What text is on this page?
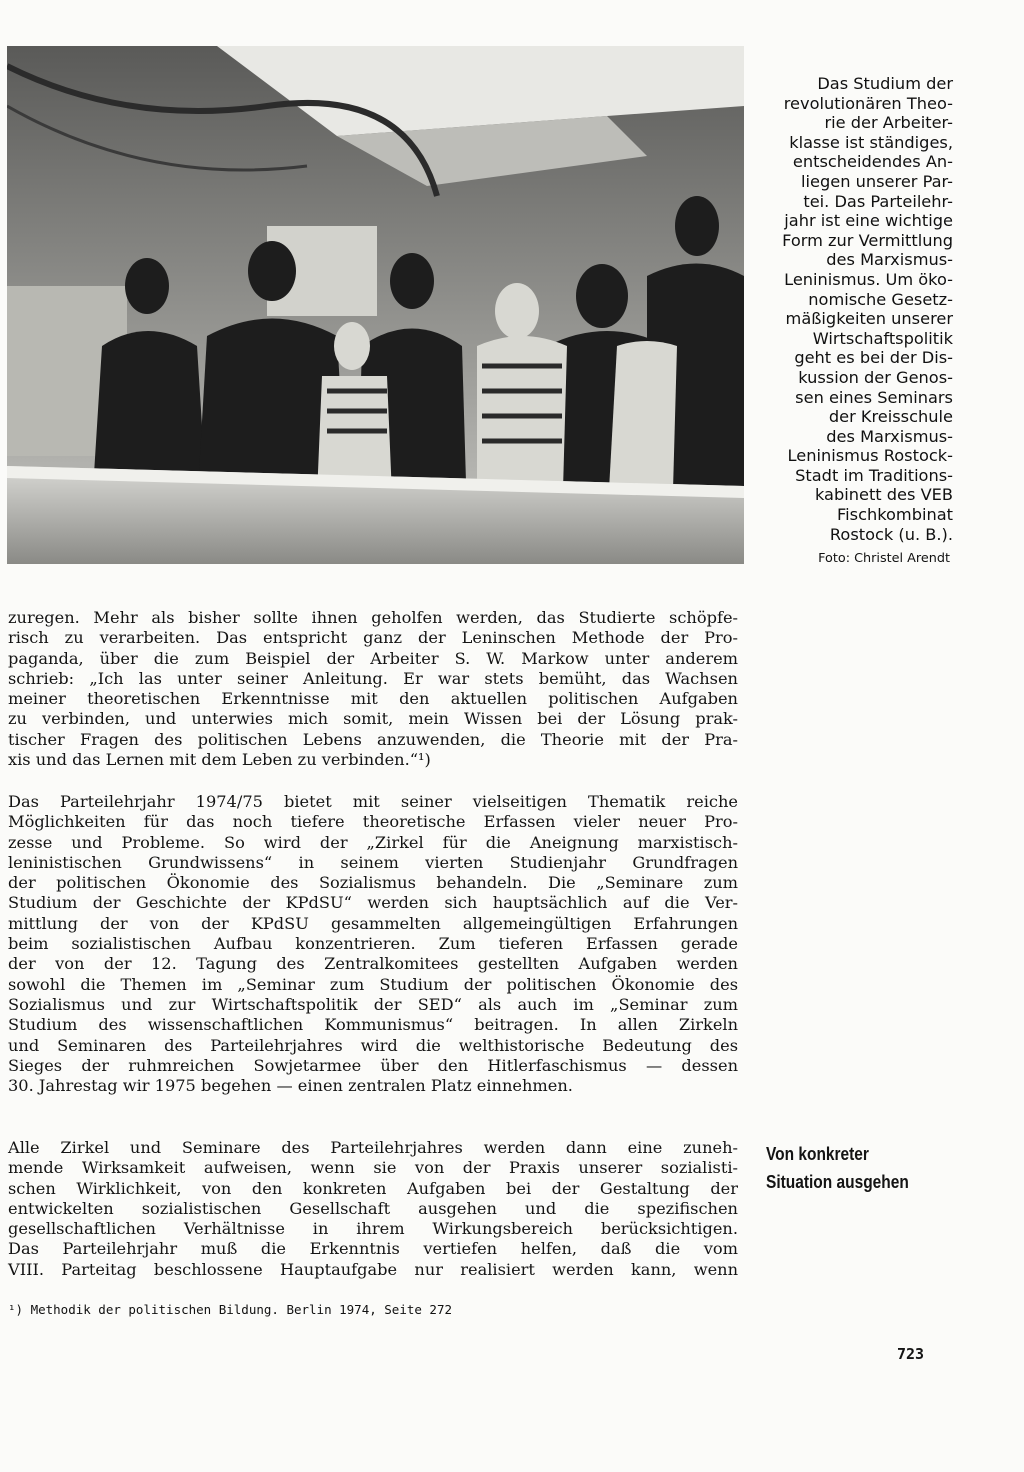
Das Studium der
revolutionären Theo-
rie der Arbeiter-
klasse ist ständiges,
entscheidendes An-
liegen unserer Par-
tei. Das Parteilehr-
jahr ist eine wichtige
Form zur Vermittlung
des Marxismus-
Leninismus. Um öko-
nomische Gesetz-
mäßigkeiten unserer
Wirtschaftspolitik
geht es bei der Dis-
kussion der Genos-
sen eines Seminars
der Kreisschule
des Marxismus-
Leninismus Rostock-
Stadt im Traditions-
kabinett des VEB
Fischkombinat
Rostock (u. B.).
Foto: Christel Arendt
zuregen. Mehr als bisher sollte ihnen geholfen werden, das Studierte schöpfe-
risch zu verarbeiten. Das entspricht ganz der Leninschen Methode der Pro-
paganda, über die zum Beispiel der Arbeiter S. W. Markow unter anderem
schrieb: „Ich las unter seiner Anleitung. Er war stets bemüht, das Wachsen
meiner theoretischen Erkenntnisse mit den aktuellen politischen Aufgaben
zu verbinden, und unterwies mich somit, mein Wissen bei der Lösung prak-
tischer Fragen des politischen Lebens anzuwenden, die Theorie mit der Pra-
xis und das Lernen mit dem Leben zu verbinden.“¹)
Das Parteilehrjahr 1974/75 bietet mit seiner vielseitigen Thematik reiche
Möglichkeiten für das noch tiefere theoretische Erfassen vieler neuer Pro-
zesse und Probleme. So wird der „Zirkel für die Aneignung marxistisch-
leninistischen Grundwissens“ in seinem vierten Studienjahr Grundfragen
der politischen Ökonomie des Sozialismus behandeln. Die „Seminare zum
Studium der Geschichte der KPdSU“ werden sich hauptsächlich auf die Ver-
mittlung der von der KPdSU gesammelten allgemeingültigen Erfahrungen
beim sozialistischen Aufbau konzentrieren. Zum tieferen Erfassen gerade
der von der 12. Tagung des Zentralkomitees gestellten Aufgaben werden
sowohl die Themen im „Seminar zum Studium der politischen Ökonomie des
Sozialismus und zur Wirtschaftspolitik der SED“ als auch im „Seminar zum
Studium des wissenschaftlichen Kommunismus“ beitragen. In allen Zirkeln
und Seminaren des Parteilehrjahres wird die welthistorische Bedeutung des
Sieges der ruhmreichen Sowjetarmee über den Hitlerfaschismus — dessen
30. Jahrestag wir 1975 begehen — einen zentralen Platz einnehmen.
Alle Zirkel und Seminare des Parteilehrjahres werden dann eine zuneh-
mende Wirksamkeit aufweisen, wenn sie von der Praxis unserer sozialisti-
schen Wirklichkeit, von den konkreten Aufgaben bei der Gestaltung der
entwickelten sozialistischen Gesellschaft ausgehen und die spezifischen
gesellschaftlichen Verhältnisse in ihrem Wirkungsbereich berücksichtigen.
Das Parteilehrjahr muß die Erkenntnis vertiefen helfen, daß die vom
VIII. Parteitag beschlossene Hauptaufgabe nur realisiert werden kann, wenn
Von konkreter
Situation ausgehen
¹) Methodik der politischen Bildung. Berlin 1974, Seite 272
723
